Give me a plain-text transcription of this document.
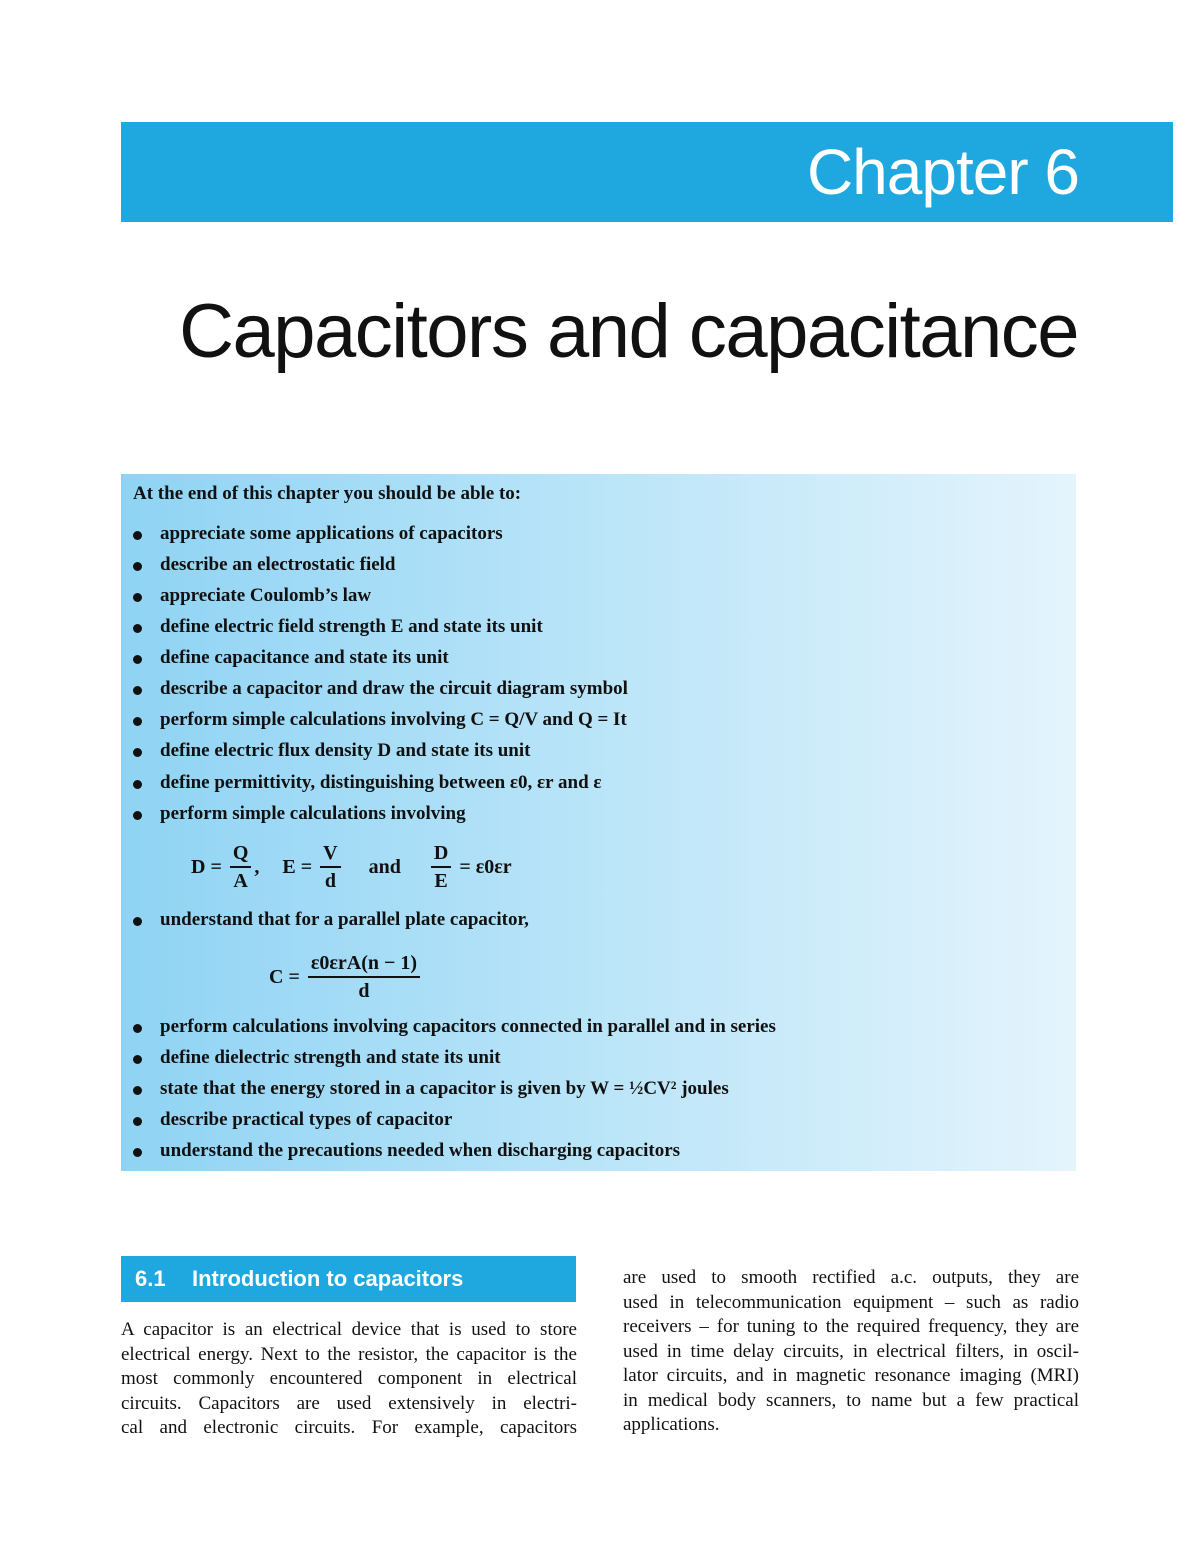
Chapter 6
Capacitors and capacitance
At the end of this chapter you should be able to:
appreciate some applications of capacitors
describe an electrostatic field
appreciate Coulomb’s law
define electric field strength E and state its unit
define capacitance and state its unit
describe a capacitor and draw the circuit diagram symbol
perform simple calculations involving C = Q/V and Q = It
define electric flux density D and state its unit
define permittivity, distinguishing between ε0, εr and ε
perform simple calculations involving
$D = \frac{Q}{A}$ , $E = \frac{V}{d}$ and $\frac{D}{E} = \varepsilon 0\varepsilon r$
understand that for a parallel plate capacitor,
$C = \frac{\text{ε0εrA(n − 1)}}{d}$
perform calculations involving capacitors connected in parallel and in series
define dielectric strength and state its unit
state that the energy stored in a capacitor is given by W = ½CV² joules
describe practical types of capacitor
understand the precautions needed when discharging capacitors
6.1 Introduction to capacitors
A capacitor is an electrical device that is used to store
electrical energy. Next to the resistor, the capacitor is the
most commonly encountered component in electrical
circuits. Capacitors are used extensively in electri-
cal and electronic circuits. For example, capacitors
are used to smooth rectified a.c. outputs, they are
used in telecommunication equipment – such as radio
receivers – for tuning to the required frequency, they are
used in time delay circuits, in electrical filters, in oscil-
lator circuits, and in magnetic resonance imaging (MRI)
in medical body scanners, to name but a few practical
applications.
